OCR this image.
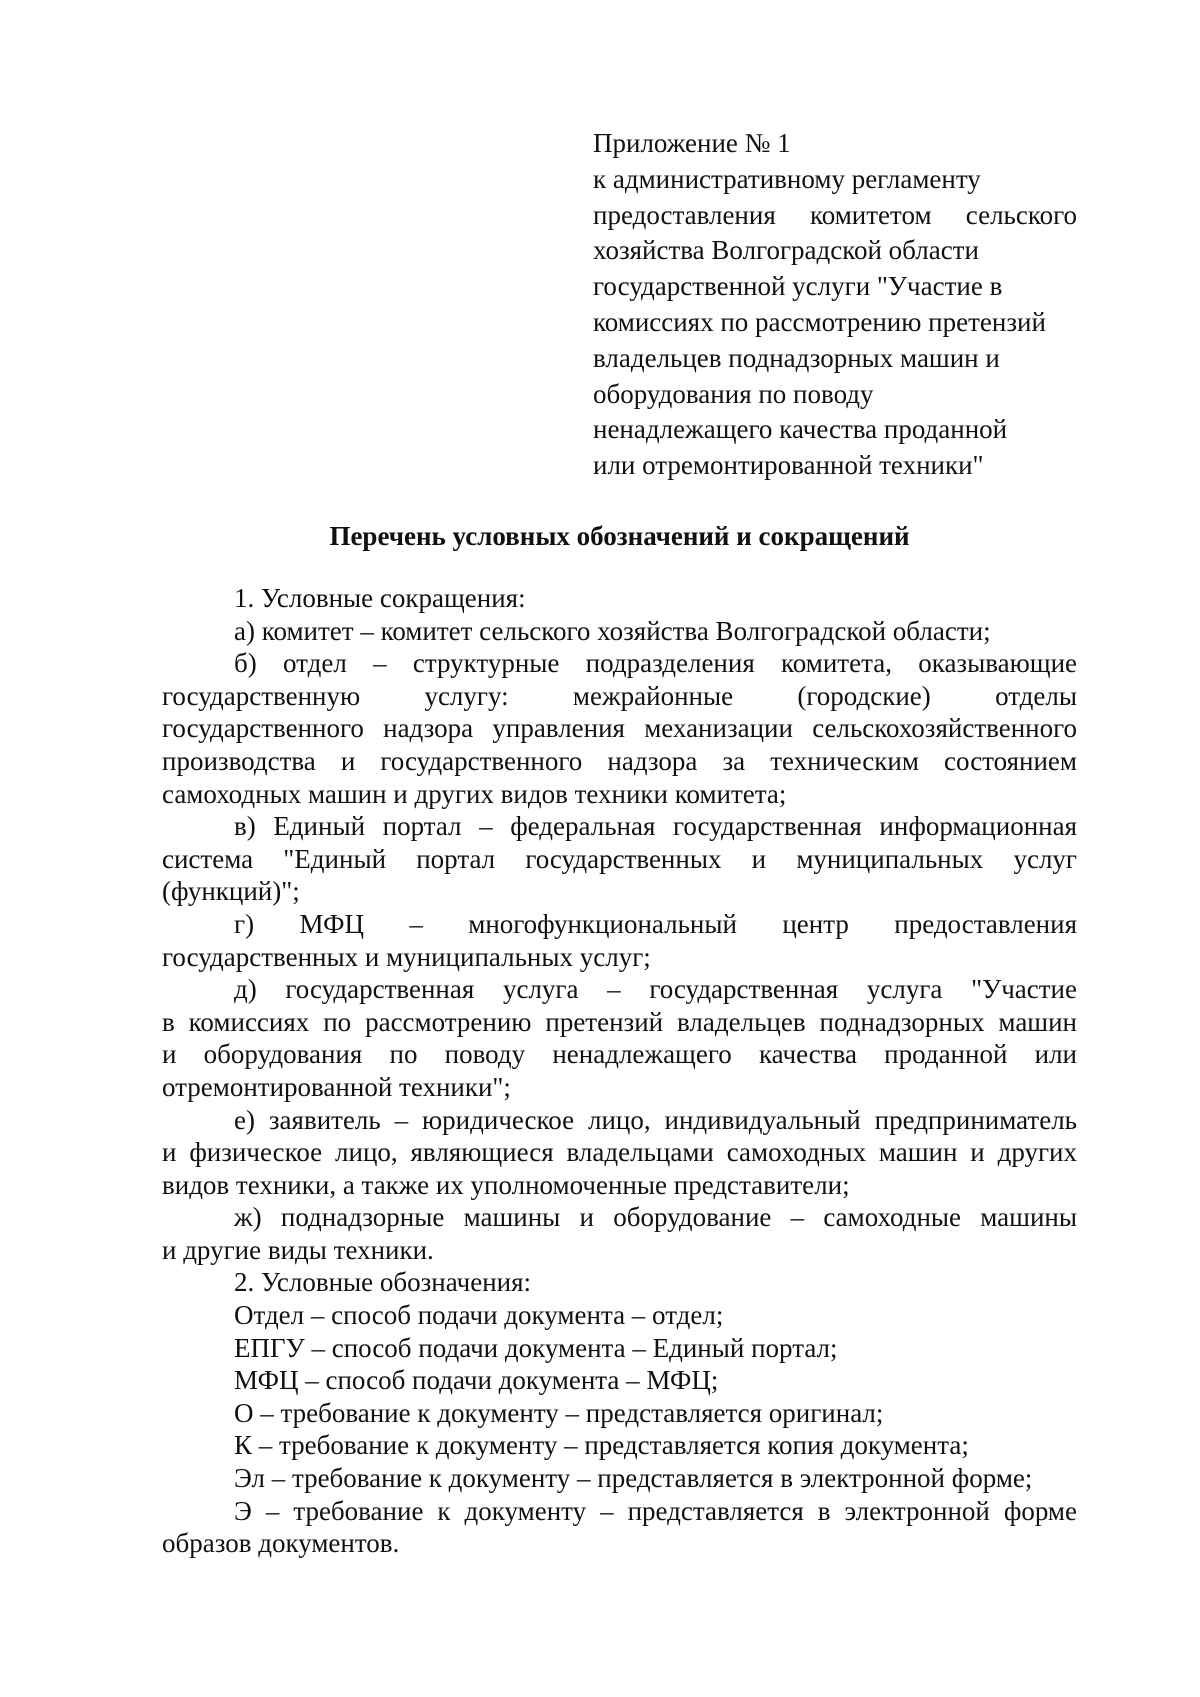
Приложение № 1
к административному регламенту
предоставления комитетом сельского
хозяйства Волгоградской области
государственной услуги "Участие в
комиссиях по рассмотрению претензий
владельцев поднадзорных машин и
оборудования по поводу
ненадлежащего качества проданной
или отремонтированной техники"
Перечень условных обозначений и сокращений
1. Условные сокращения:
а) комитет – комитет сельского хозяйства Волгоградской области;
б) отдел – структурные подразделения комитета, оказывающие
государственную услугу: межрайонные (городские) отделы
государственного надзора управления механизации сельскохозяйственного
производства и государственного надзора за техническим состоянием
самоходных машин и других видов техники комитета;
в) Единый портал – федеральная государственная информационная
система "Единый портал государственных и муниципальных услуг
(функций)";
г) МФЦ – многофункциональный центр предоставления
государственных и муниципальных услуг;
д) государственная услуга – государственная услуга "Участие
в комиссиях по рассмотрению претензий владельцев поднадзорных машин
и оборудования по поводу ненадлежащего качества проданной или
отремонтированной техники";
е) заявитель – юридическое лицо, индивидуальный предприниматель
и физическое лицо, являющиеся владельцами самоходных машин и других
видов техники, а также их уполномоченные представители;
ж) поднадзорные машины и оборудование – самоходные машины
и другие виды техники.
2. Условные обозначения:
Отдел – способ подачи документа – отдел;
ЕПГУ – способ подачи документа – Единый портал;
МФЦ – способ подачи документа – МФЦ;
О – требование к документу – представляется оригинал;
К – требование к документу – представляется копия документа;
Эл – требование к документу – представляется в электронной форме;
Э – требование к документу – представляется в электронной форме
образов документов.
